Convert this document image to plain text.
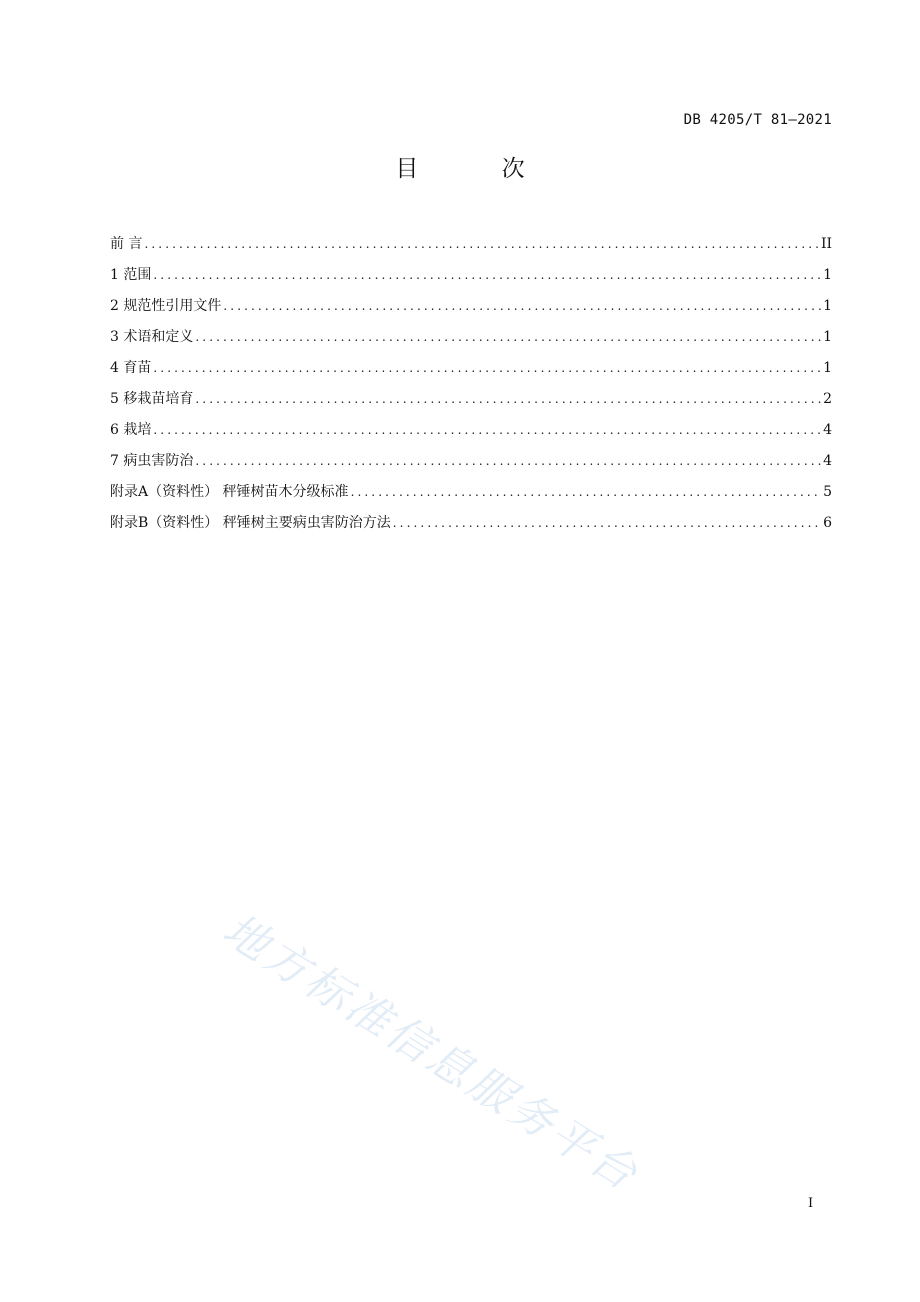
DB 4205/T 81—2021
目 次
前 言 .....	II
1 范围 .....	1
2 规范性引用文件 .....	1
3 术语和定义 .....	1
4 育苗 .....	1
5 移栽苗培育 .....	2
6 栽培 .....	4
7 病虫害防治 .....	4
附录A（资料性） 秤锤树苗木分级标准 .....	5
附录B（资料性） 秤锤树主要病虫害防治方法 .....	6
地方标准信息服务平台
I
